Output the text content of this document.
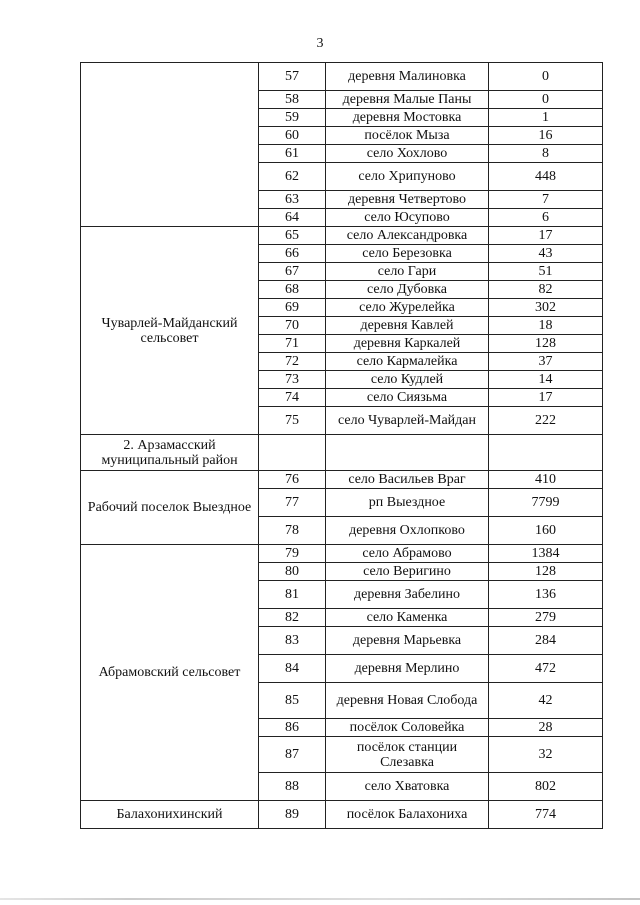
3
	57	деревня Малиновка	0
	58	деревня Малые Паны	0
	59	деревня Мостовка	1
	60	посёлок Мыза	16
	61	село Хохлово	8
	62	село Хрипуново	448
	63	деревня Четвертово	7
	64	село Юсупово	6
Чуварлей-Майданский сельсовет	65	село Александровка	17
	66	село Березовка	43
	67	село Гари	51
	68	село Дубовка	82
	69	село Журелейка	302
	70	деревня Кавлей	18
	71	деревня Каркалей	128
	72	село Кармалейка	37
	73	село Кудлей	14
	74	село Сиязьма	17
	75	село Чуварлей-Майдан	222
2. Арзамасский муниципальный район			
Рабочий поселок Выездное	76	село Васильев Враг	410
	77	рп Выездное	7799
	78	деревня Охлопково	160
Абрамовский сельсовет	79	село Абрамово	1384
	80	село Веригино	128
	81	деревня Забелино	136
	82	село Каменка	279
	83	деревня Марьевка	284
	84	деревня Мерлино	472
	85	деревня Новая Слобода	42
	86	посёлок Соловейка	28
	87	посёлок станции Слезавка	32
	88	село Хватовка	802
Балахонихинский	89	посёлок Балахониха	774
